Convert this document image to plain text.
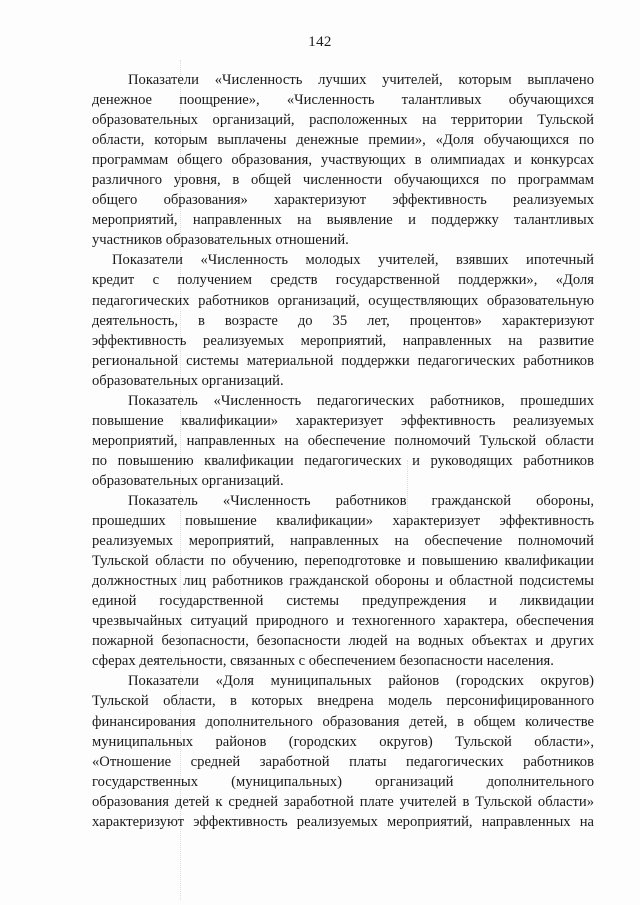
142
Показатели «Численность лучших учителей, которым выплачено
денежное поощрение», «Численность талантливых обучающихся
образовательных организаций, расположенных на территории Тульской
области, которым выплачены денежные премии», «Доля обучающихся по
программам общего образования, участвующих в олимпиадах и конкурсах
различного уровня, в общей численности обучающихся по программам
общего образования» характеризуют эффективность реализуемых
мероприятий, направленных на выявление и поддержку талантливых
участников образовательных отношений.
Показатели «Численность молодых учителей, взявших ипотечный
кредит с получением средств государственной поддержки», «Доля
педагогических работников организаций, осуществляющих образовательную
деятельность, в возрасте до 35 лет, процентов» характеризуют
эффективность реализуемых мероприятий, направленных на развитие
региональной системы материальной поддержки педагогических работников
образовательных организаций.
Показатель «Численность педагогических работников, прошедших
повышение квалификации» характеризует эффективность реализуемых
мероприятий, направленных на обеспечение полномочий Тульской области
по повышению квалификации педагогических и руководящих работников
образовательных организаций.
Показатель «Численность работников гражданской обороны,
прошедших повышение квалификации» характеризует эффективность
реализуемых мероприятий, направленных на обеспечение полномочий
Тульской области по обучению, переподготовке и повышению квалификации
должностных лиц работников гражданской обороны и областной подсистемы
единой государственной системы предупреждения и ликвидации
чрезвычайных ситуаций природного и техногенного характера, обеспечения
пожарной безопасности, безопасности людей на водных объектах и других
сферах деятельности, связанных с обеспечением безопасности населения.
Показатели «Доля муниципальных районов (городских округов)
Тульской области, в которых внедрена модель персонифицированного
финансирования дополнительного образования детей, в общем количестве
муниципальных районов (городских округов) Тульской области»,
«Отношение средней заработной платы педагогических работников
государственных (муниципальных) организаций дополнительного
образования детей к средней заработной плате учителей в Тульской области»
характеризуют эффективность реализуемых мероприятий, направленных на
